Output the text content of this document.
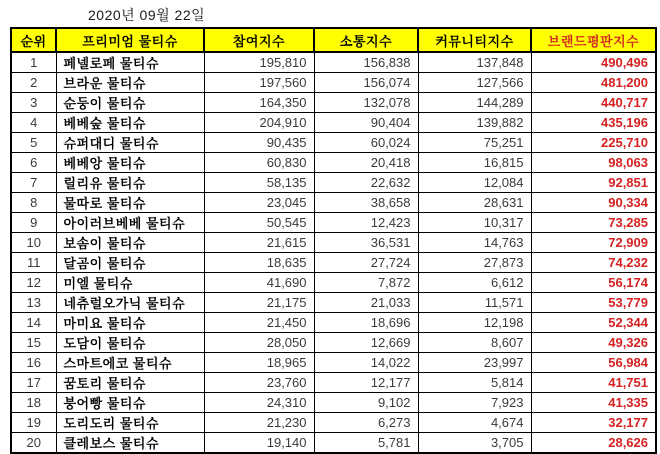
2020년 09월 22일
순위	프리미엄 물티슈	참여지수	소통지수	커뮤니티지수	브랜드평판지수
1	페넬로페 물티슈	195,810	156,838	137,848	490,496
2	브라운 물티슈	197,560	156,074	127,566	481,200
3	순둥이 물티슈	164,350	132,078	144,289	440,717
4	베베숲 물티슈	204,910	90,404	139,882	435,196
5	슈퍼대디 물티슈	90,435	60,024	75,251	225,710
6	베베앙 물티슈	60,830	20,418	16,815	98,063
7	릴리유 물티슈	58,135	22,632	12,084	92,851
8	물따로 물티슈	23,045	38,658	28,631	90,334
9	아이러브베베 물티슈	50,545	12,423	10,317	73,285
10	보솜이 물티슈	21,615	36,531	14,763	72,909
11	달곰이 물티슈	18,635	27,724	27,873	74,232
12	미엘 물티슈	41,690	7,872	6,612	56,174
13	네츄럴오가닉 물티슈	21,175	21,033	11,571	53,779
14	마미요 물티슈	21,450	18,696	12,198	52,344
15	도담이 물티슈	28,050	12,669	8,607	49,326
16	스마트에코 물티슈	18,965	14,022	23,997	56,984
17	꿈토리 물티슈	23,760	12,177	5,814	41,751
18	붕어빵 물티슈	24,310	9,102	7,923	41,335
19	도리도리 물티슈	21,230	6,273	4,674	32,177
20	클레보스 물티슈	19,140	5,781	3,705	28,626
